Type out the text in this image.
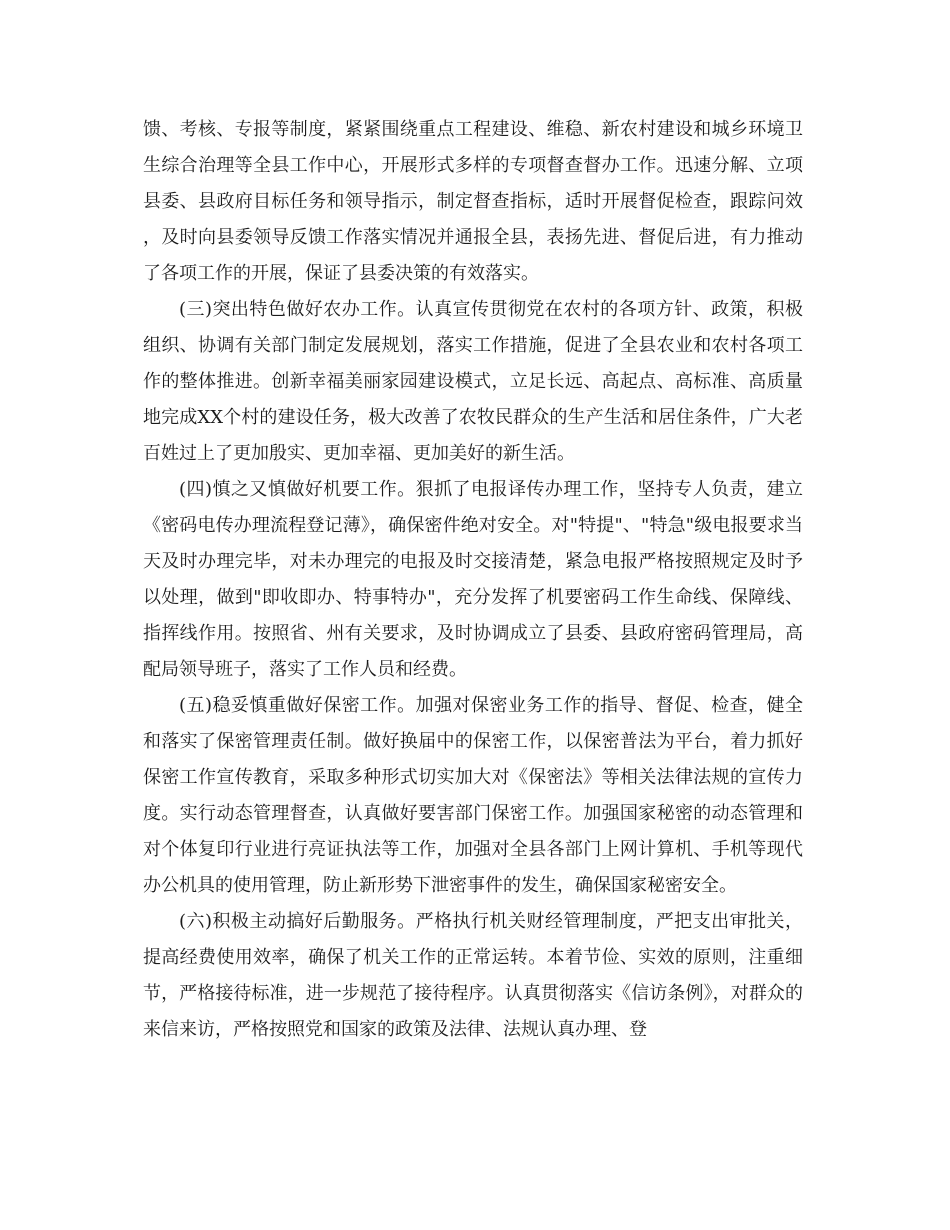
馈、考核、专报等制度，紧紧围绕重点工程建设、维稳、新农村建设和城乡环境卫生综合治理等全县工作中心，开展形式多样的专项督查督办工作。迅速分解、立项县委、县政府目标任务和领导指示，制定督查指标，适时开展督促检查，跟踪问效，及时向县委领导反馈工作落实情况并通报全县，表扬先进、督促后进，有力推动了各项工作的开展，保证了县委决策的有效落实。

(三)突出特色做好农办工作。认真宣传贯彻党在农村的各项方针、政策，积极组织、协调有关部门制定发展规划，落实工作措施，促进了全县农业和农村各项工作的整体推进。创新幸福美丽家园建设模式，立足长远、高起点、高标准、高质量地完成XX个村的建设任务，极大改善了农牧民群众的生产生活和居住条件，广大老百姓过上了更加殷实、更加幸福、更加美好的新生活。

(四)慎之又慎做好机要工作。狠抓了电报译传办理工作，坚持专人负责，建立《密码电传办理流程登记薄》，确保密件绝对安全。对"特提"、"特急"级电报要求当天及时办理完毕，对未办理完的电报及时交接清楚，紧急电报严格按照规定及时予以处理，做到"即收即办、特事特办"，充分发挥了机要密码工作生命线、保障线、指挥线作用。按照省、州有关要求，及时协调成立了县委、县政府密码管理局，高配局领导班子，落实了工作人员和经费。

(五)稳妥慎重做好保密工作。加强对保密业务工作的指导、督促、检查，健全和落实了保密管理责任制。做好换届中的保密工作，以保密普法为平台，着力抓好保密工作宣传教育，采取多种形式切实加大对《保密法》等相关法律法规的宣传力度。实行动态管理督查，认真做好要害部门保密工作。加强国家秘密的动态管理和对个体复印行业进行亮证执法等工作，加强对全县各部门上网计算机、手机等现代办公机具的使用管理，防止新形势下泄密事件的发生，确保国家秘密安全。

(六)积极主动搞好后勤服务。严格执行机关财经管理制度，严把支出审批关，提高经费使用效率，确保了机关工作的正常运转。本着节俭、实效的原则，注重细节，严格接待标准，进一步规范了接待程序。认真贯彻落实《信访条例》，对群众的来信来访，严格按照党和国家的政策及法律、法规认真办理、登
